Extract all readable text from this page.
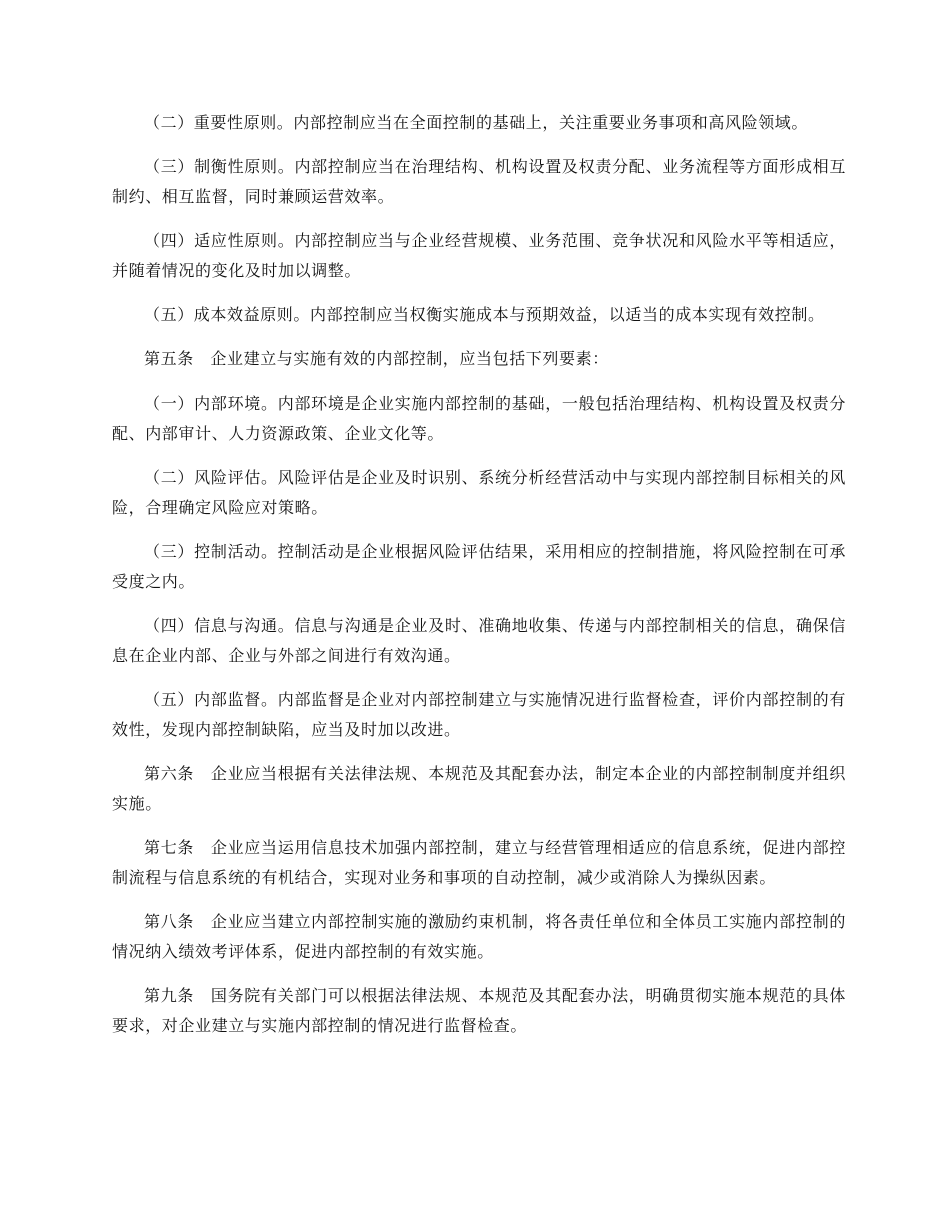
（二）重要性原则。内部控制应当在全面控制的基础上，关注重要业务事项和高风险领域。

（三）制衡性原则。内部控制应当在治理结构、机构设置及权责分配、业务流程等方面形成相互制约、相互监督，同时兼顾运营效率。

（四）适应性原则。内部控制应当与企业经营规模、业务范围、竞争状况和风险水平等相适应，并随着情况的变化及时加以调整。

（五）成本效益原则。内部控制应当权衡实施成本与预期效益，以适当的成本实现有效控制。

第五条　企业建立与实施有效的内部控制，应当包括下列要素：

（一）内部环境。内部环境是企业实施内部控制的基础，一般包括治理结构、机构设置及权责分配、内部审计、人力资源政策、企业文化等。

（二）风险评估。风险评估是企业及时识别、系统分析经营活动中与实现内部控制目标相关的风险，合理确定风险应对策略。

（三）控制活动。控制活动是企业根据风险评估结果，采用相应的控制措施，将风险控制在可承受度之内。

（四）信息与沟通。信息与沟通是企业及时、准确地收集、传递与内部控制相关的信息，确保信息在企业内部、企业与外部之间进行有效沟通。

（五）内部监督。内部监督是企业对内部控制建立与实施情况进行监督检查，评价内部控制的有效性，发现内部控制缺陷，应当及时加以改进。

第六条　企业应当根据有关法律法规、本规范及其配套办法，制定本企业的内部控制制度并组织实施。

第七条　企业应当运用信息技术加强内部控制，建立与经营管理相适应的信息系统，促进内部控制流程与信息系统的有机结合，实现对业务和事项的自动控制，减少或消除人为操纵因素。

第八条　企业应当建立内部控制实施的激励约束机制，将各责任单位和全体员工实施内部控制的情况纳入绩效考评体系，促进内部控制的有效实施。

第九条　国务院有关部门可以根据法律法规、本规范及其配套办法，明确贯彻实施本规范的具体要求，对企业建立与实施内部控制的情况进行监督检查。
